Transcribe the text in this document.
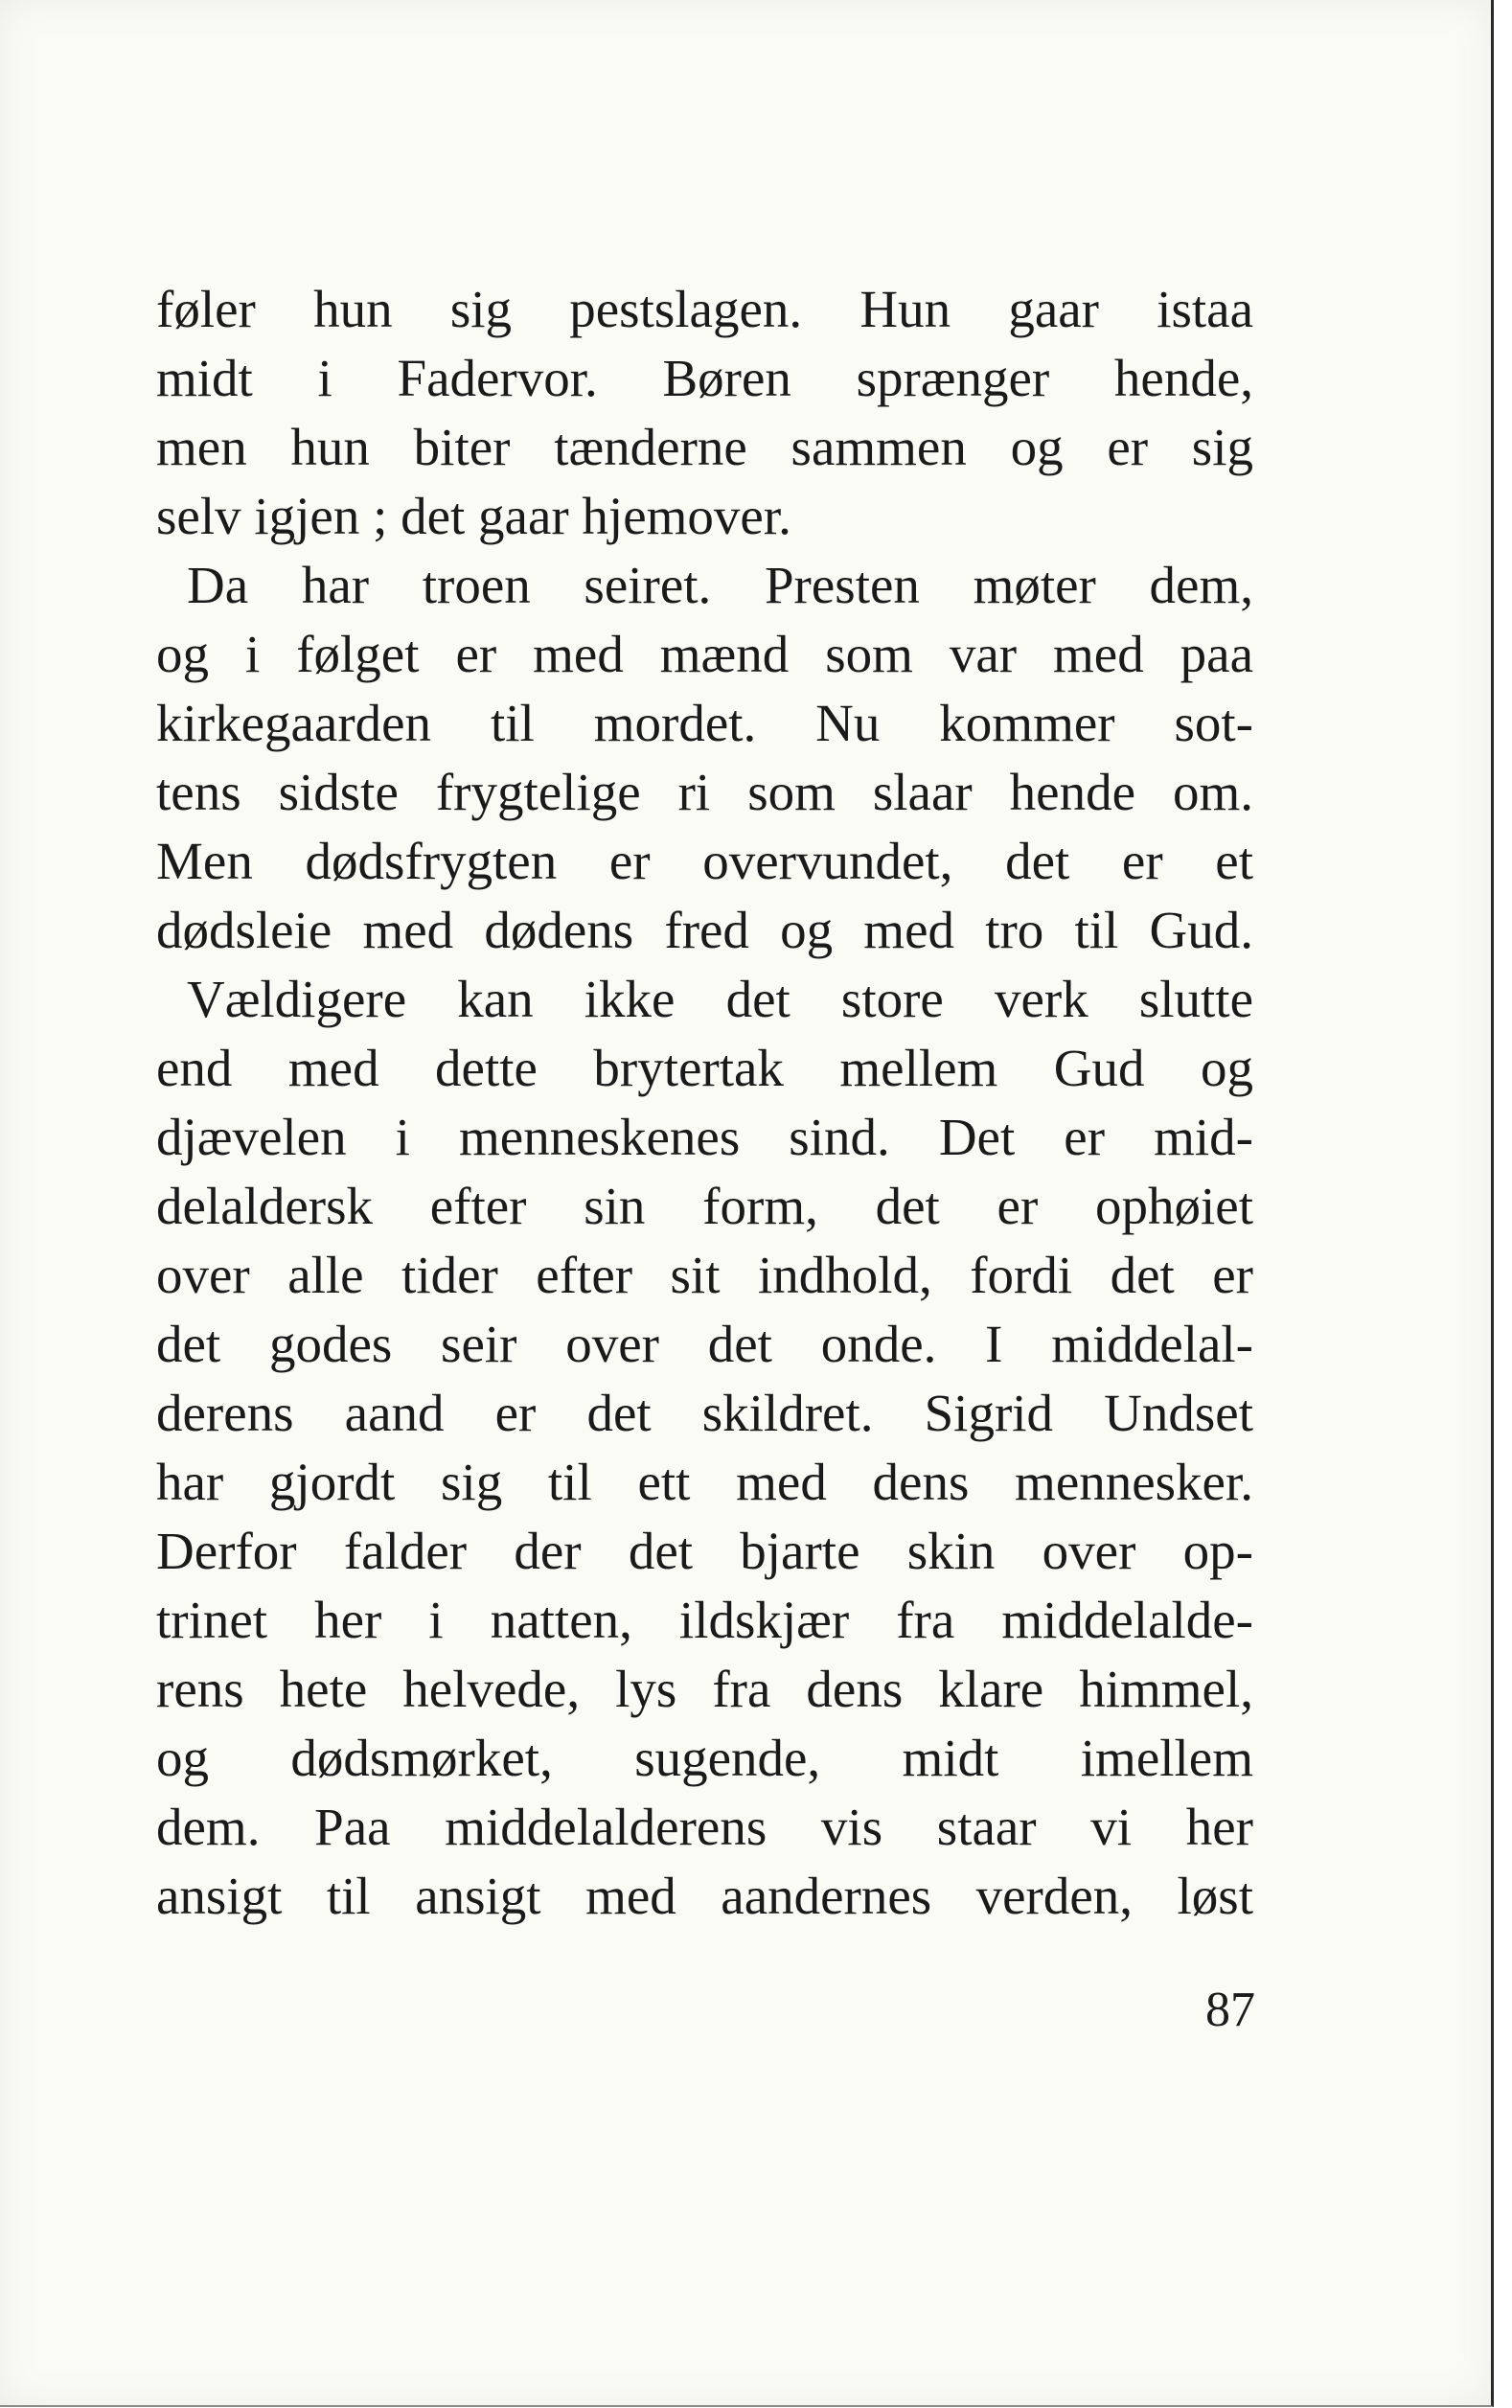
føler hun sig pestslagen. Hun gaar istaa
midt i Fadervor. Børen sprænger hende,
men hun biter tænderne sammen og er sig
selv igjen ; det gaar hjemover.
Da har troen seiret. Presten møter dem,
og i følget er med mænd som var med paa
kirkegaarden til mordet. Nu kommer sot-
tens sidste frygtelige ri som slaar hende om.
Men dødsfrygten er overvundet, det er et
dødsleie med dødens fred og med tro til Gud.
Vældigere kan ikke det store verk slutte
end med dette brytertak mellem Gud og
djævelen i menneskenes sind. Det er mid-
delaldersk efter sin form, det er ophøiet
over alle tider efter sit indhold, fordi det er
det godes seir over det onde. I middelal-
derens aand er det skildret. Sigrid Undset
har gjordt sig til ett med dens mennesker.
Derfor falder der det bjarte skin over op-
trinet her i natten, ildskjær fra middelalde-
rens hete helvede, lys fra dens klare himmel,
og dødsmørket, sugende, midt imellem
dem. Paa middelalderens vis staar vi her
ansigt til ansigt med aandernes verden, løst
87
